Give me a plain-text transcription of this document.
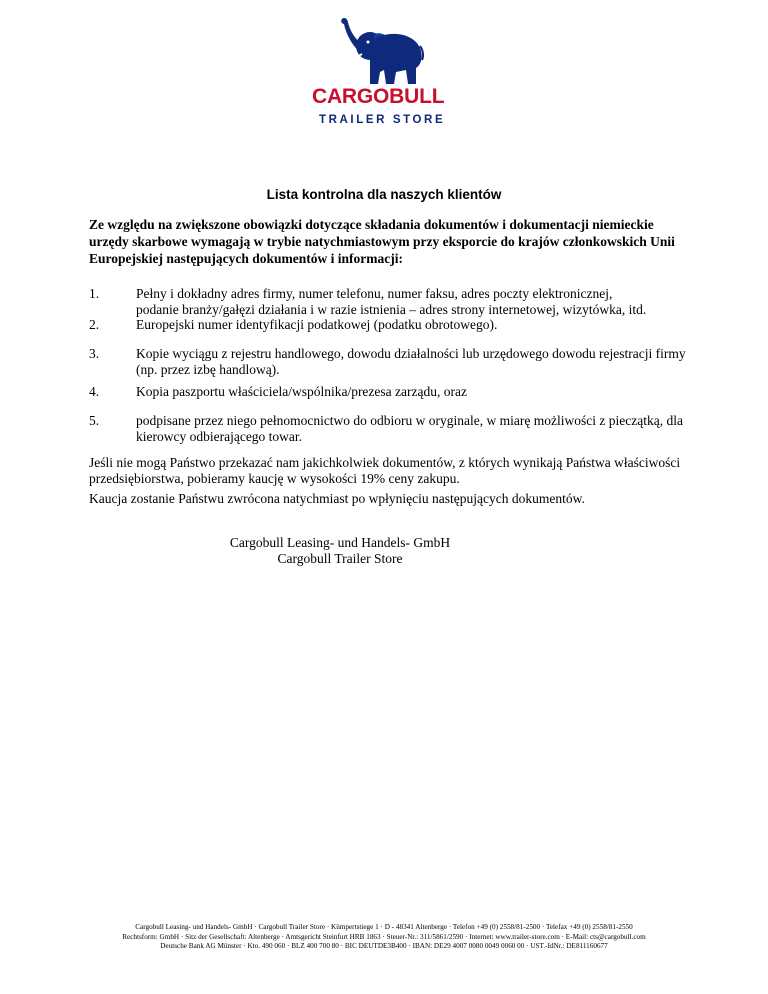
CARGOBULL
TRAILER STORE
Lista kontrolna dla naszych klientów
Ze względu na zwiększone obowiązki dotyczące składania dokumentów i dokumentacji niemieckie urzędy skarbowe wymagają w trybie natychmiastowym przy eksporcie do krajów członkowskich Unii Europejskiej następujących dokumentów i informacji:
1.	Pełny i dokładny adres firmy, numer telefonu, numer faksu, adres poczty elektronicznej,
podanie branży/gałęzi działania i w razie istnienia – adres strony internetowej, wizytówka, itd.
2.	Europejski numer identyfikacji podatkowej (podatku obrotowego).
3.	Kopie wyciągu z rejestru handlowego, dowodu działalności lub urzędowego dowodu rejestracji firmy
(np. przez izbę handlową).
4.	Kopia paszportu właściciela/wspólnika/prezesa zarządu, oraz
5.	podpisane przez niego pełnomocnictwo do odbioru w oryginale, w miarę możliwości z pieczątką, dla
kierowcy odbierającego towar.
Jeśli nie mogą Państwo przekazać nam jakichkolwiek dokumentów, z których wynikają Państwa właściwości
przedsiębiorstwa, pobieramy kaucję w wysokości 19% ceny zakupu.
Kaucja zostanie Państwu zwrócona natychmiast po wpłynięciu następujących dokumentów.
Cargobull Leasing- und Handels- GmbH
Cargobull Trailer Store
Cargobull Leasing- und Handels- GmbH · Cargobull Trailer Store · Kümpertstiege 1 · D - 48341 Altenberge · Telefon +49 (0) 2558/81-2500 · Telefax +49 (0) 2558/81-2550
Rechtsform: GmbH · Sitz der Gesellschaft: Altenberge · Amtsgericht Steinfurt HRB 1863 · Steuer-Nr.: 311/5861/2590 · Internet: www.trailer-store.com · E-Mail: cts@cargobull.com
Deutsche Bank AG Münster · Kto. 490 060 · BLZ 400 700 80 · BIC DEUTDE3B400 · IBAN: DE29 4007 0080 0049 0060 00 · UST.-IdNr.: DE811160677
